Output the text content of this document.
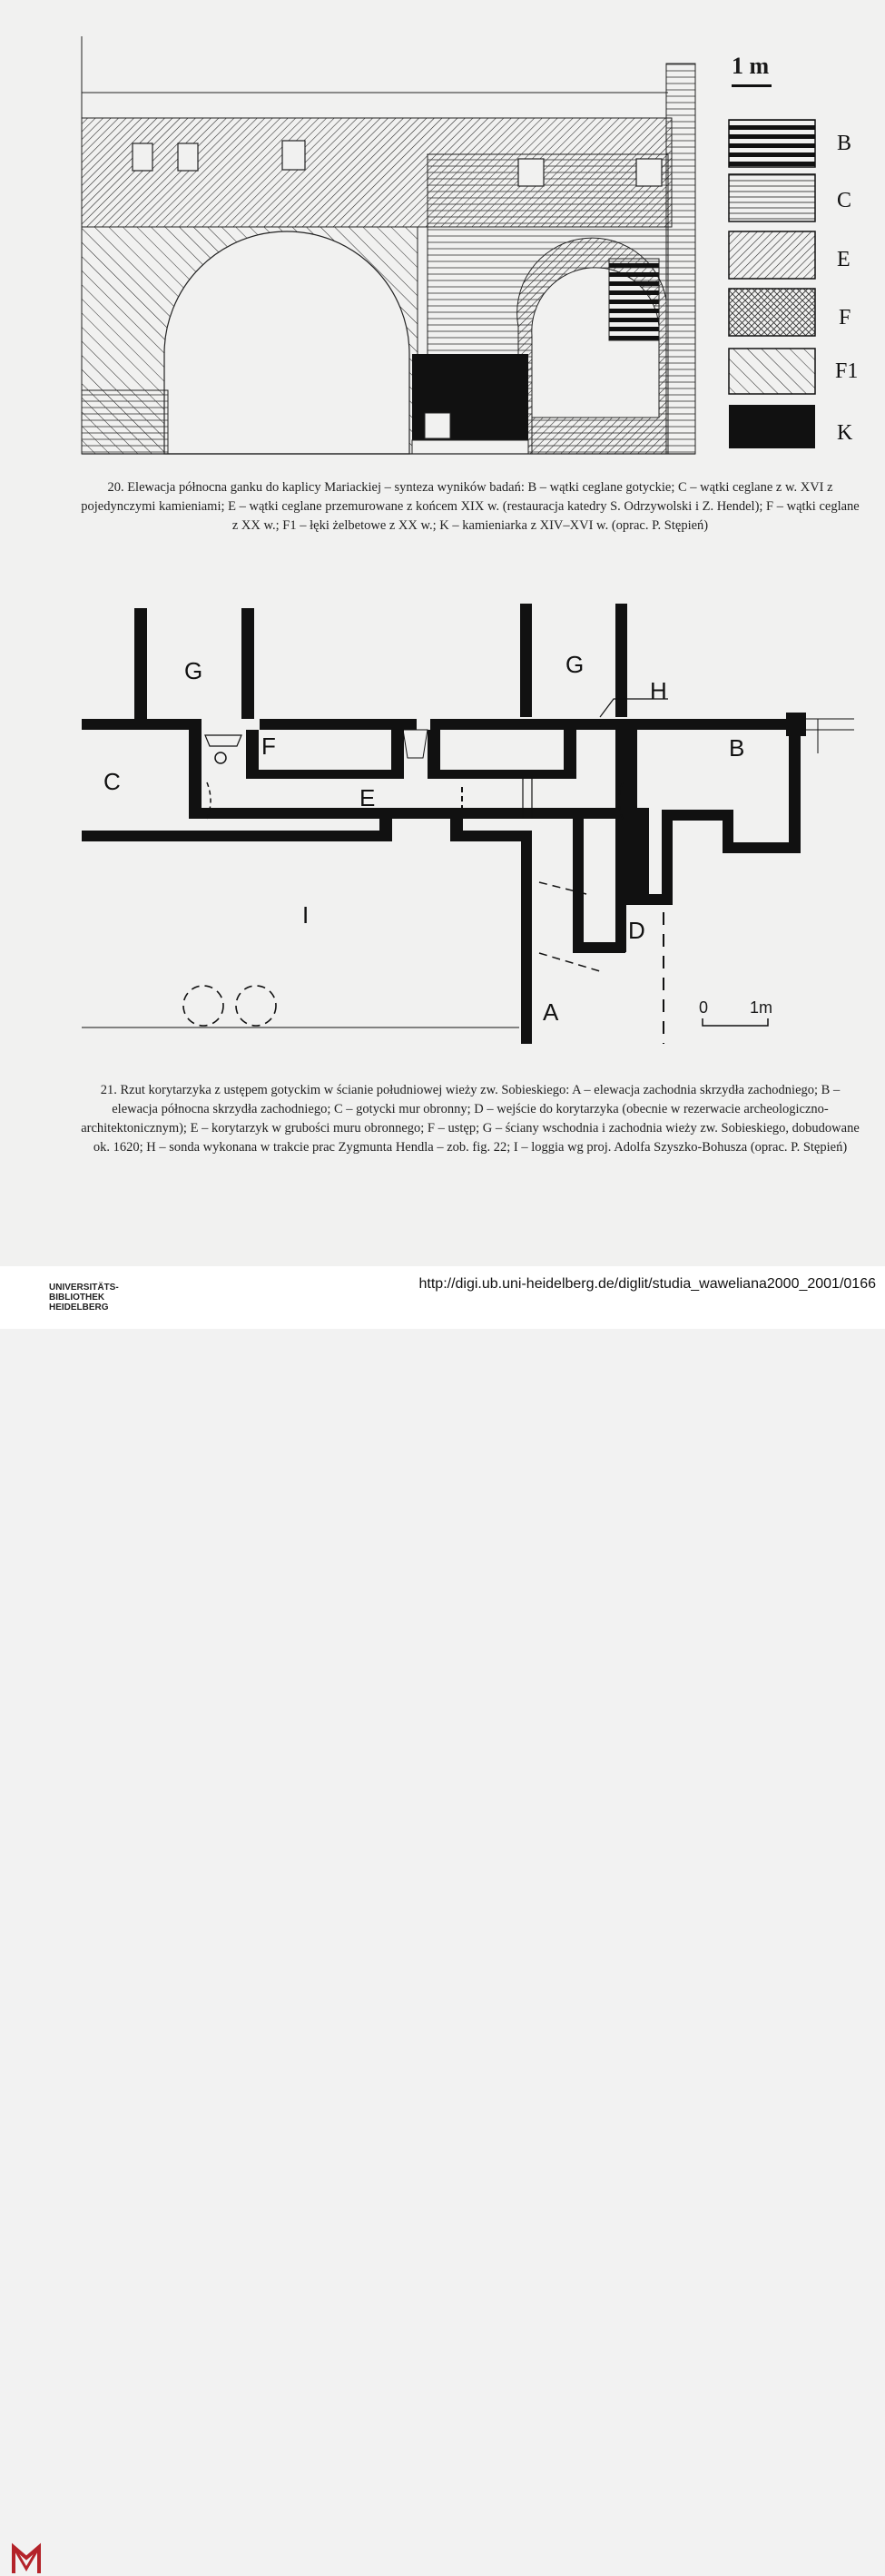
1 m
B
C
E
F
F1
K
20. Elewacja północna ganku do kaplicy Mariackiej – synteza wyników badań: B – wątki ceglane gotyckie; C – wątki ceglane z w. XVI z pojedynczymi kamieniami; E – wątki ceglane przemurowane z końcem XIX w. (restauracja katedry S. Odrzywolski i Z. Hendel); F – wątki ceglane z XX w.; F1 – łęki żelbetowe z XX w.; K – kamieniarka z XIV–XVI w. (oprac. P. Stępień)
G	G
H
B
C
F
E
I
D
A	0	1m
21. Rzut korytarzyka z ustępem gotyckim w ścianie południowej wieży zw. Sobieskiego: A – elewacja zachodnia skrzydła zachodniego; B – elewacja północna skrzydła zachodniego; C – gotycki mur obronny; D – wejście do korytarzyka (obecnie w rezerwacie archeologiczno-architektonicznym); E – korytarzyk w grubości muru obronnego; F – ustęp; G – ściany wschodnia i zachodnia wieży zw. Sobieskiego, dobudowane ok. 1620; H – sonda wykonana w trakcie prac Zygmunta Hendla – zob. fig. 22; I – loggia wg proj. Adolfa Szyszko-Bohusza (oprac. P. Stępień)
UNIVERSITÄTS-
BIBLIOTHEK
HEIDELBERG
http://digi.ub.uni-heidelberg.de/diglit/studia_waweliana2000_2001/0166
